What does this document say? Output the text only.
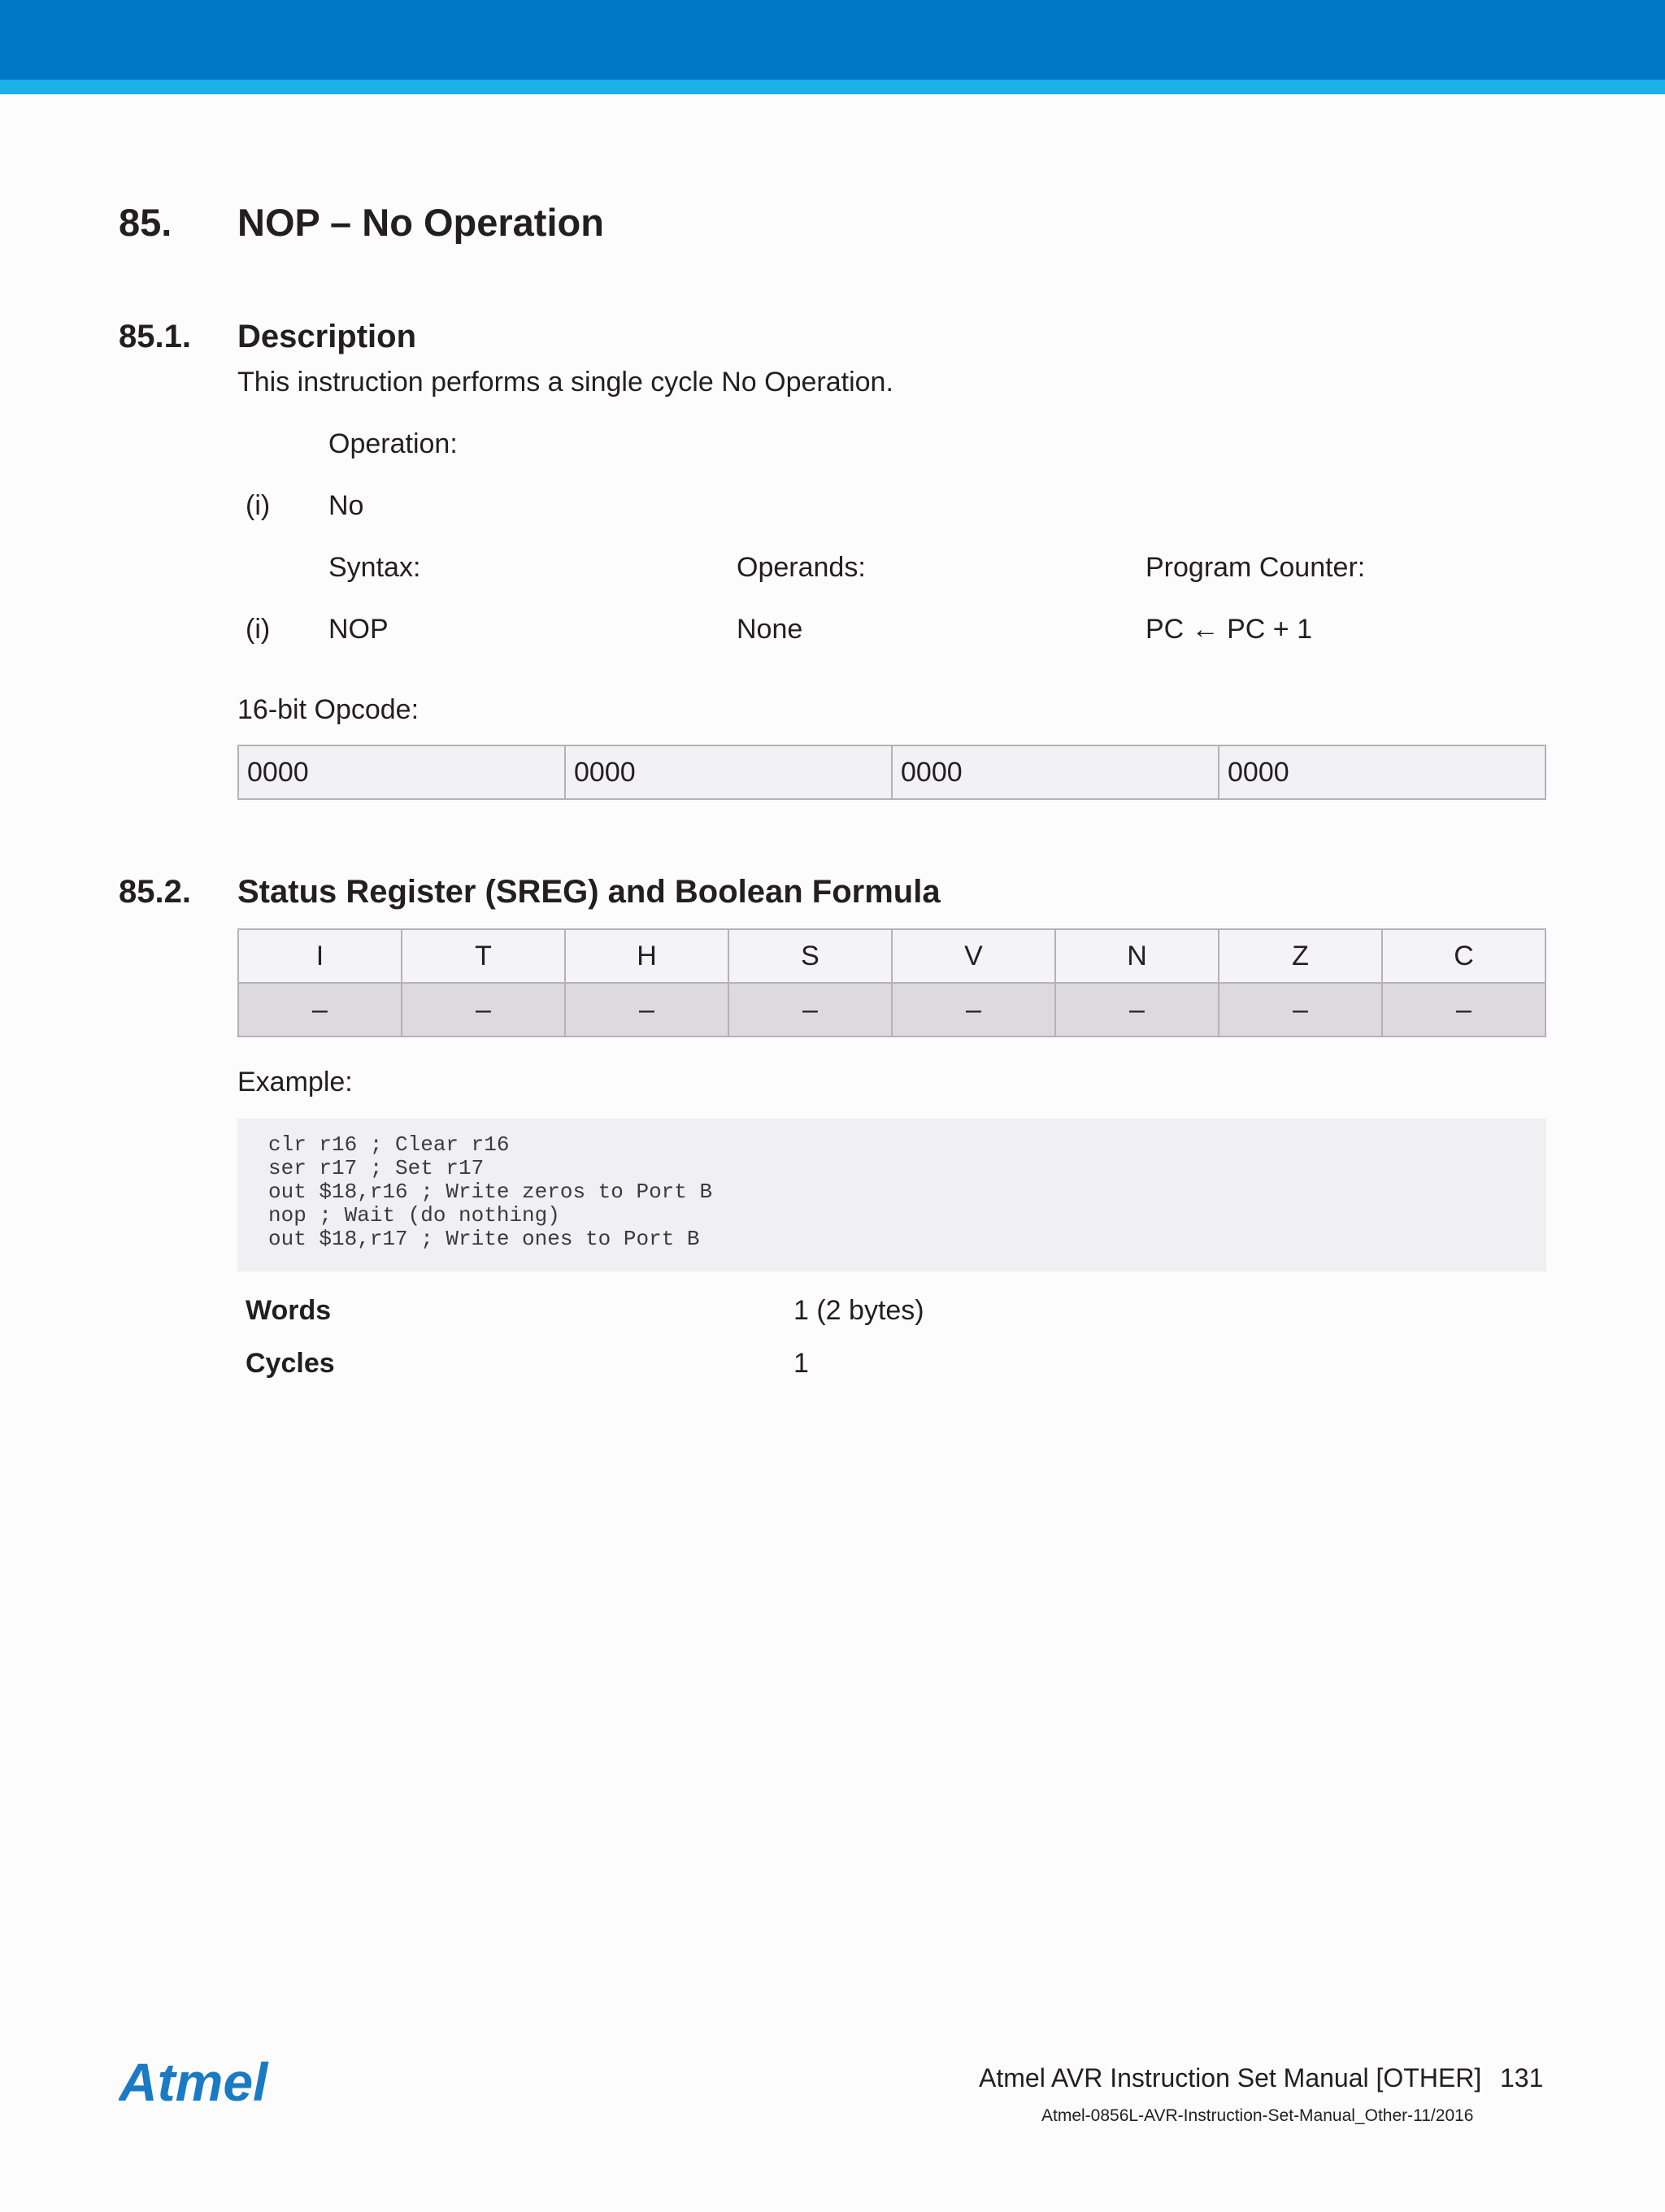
85. NOP – No Operation
85.1. Description
This instruction performs a single cycle No Operation.
Operation:
(i) No
Syntax:	Operands:	Program Counter:
(i) NOP	None	PC ← PC + 1
16-bit Opcode:
0000	0000	0000	0000
85.2. Status Register (SREG) and Boolean Formula
I	T	H	S	V	N	Z	C
–	–	–	–	–	–	–	–
Example:
clr r16 ; Clear r16
ser r17 ; Set r17
out $18,r16 ; Write zeros to Port B
nop ; Wait (do nothing)
out $18,r17 ; Write ones to Port B
Words	1 (2 bytes)
Cycles	1
Atmel	Atmel AVR Instruction Set Manual [OTHER] 131
Atmel-0856L-AVR-Instruction-Set-Manual_Other-11/2016
